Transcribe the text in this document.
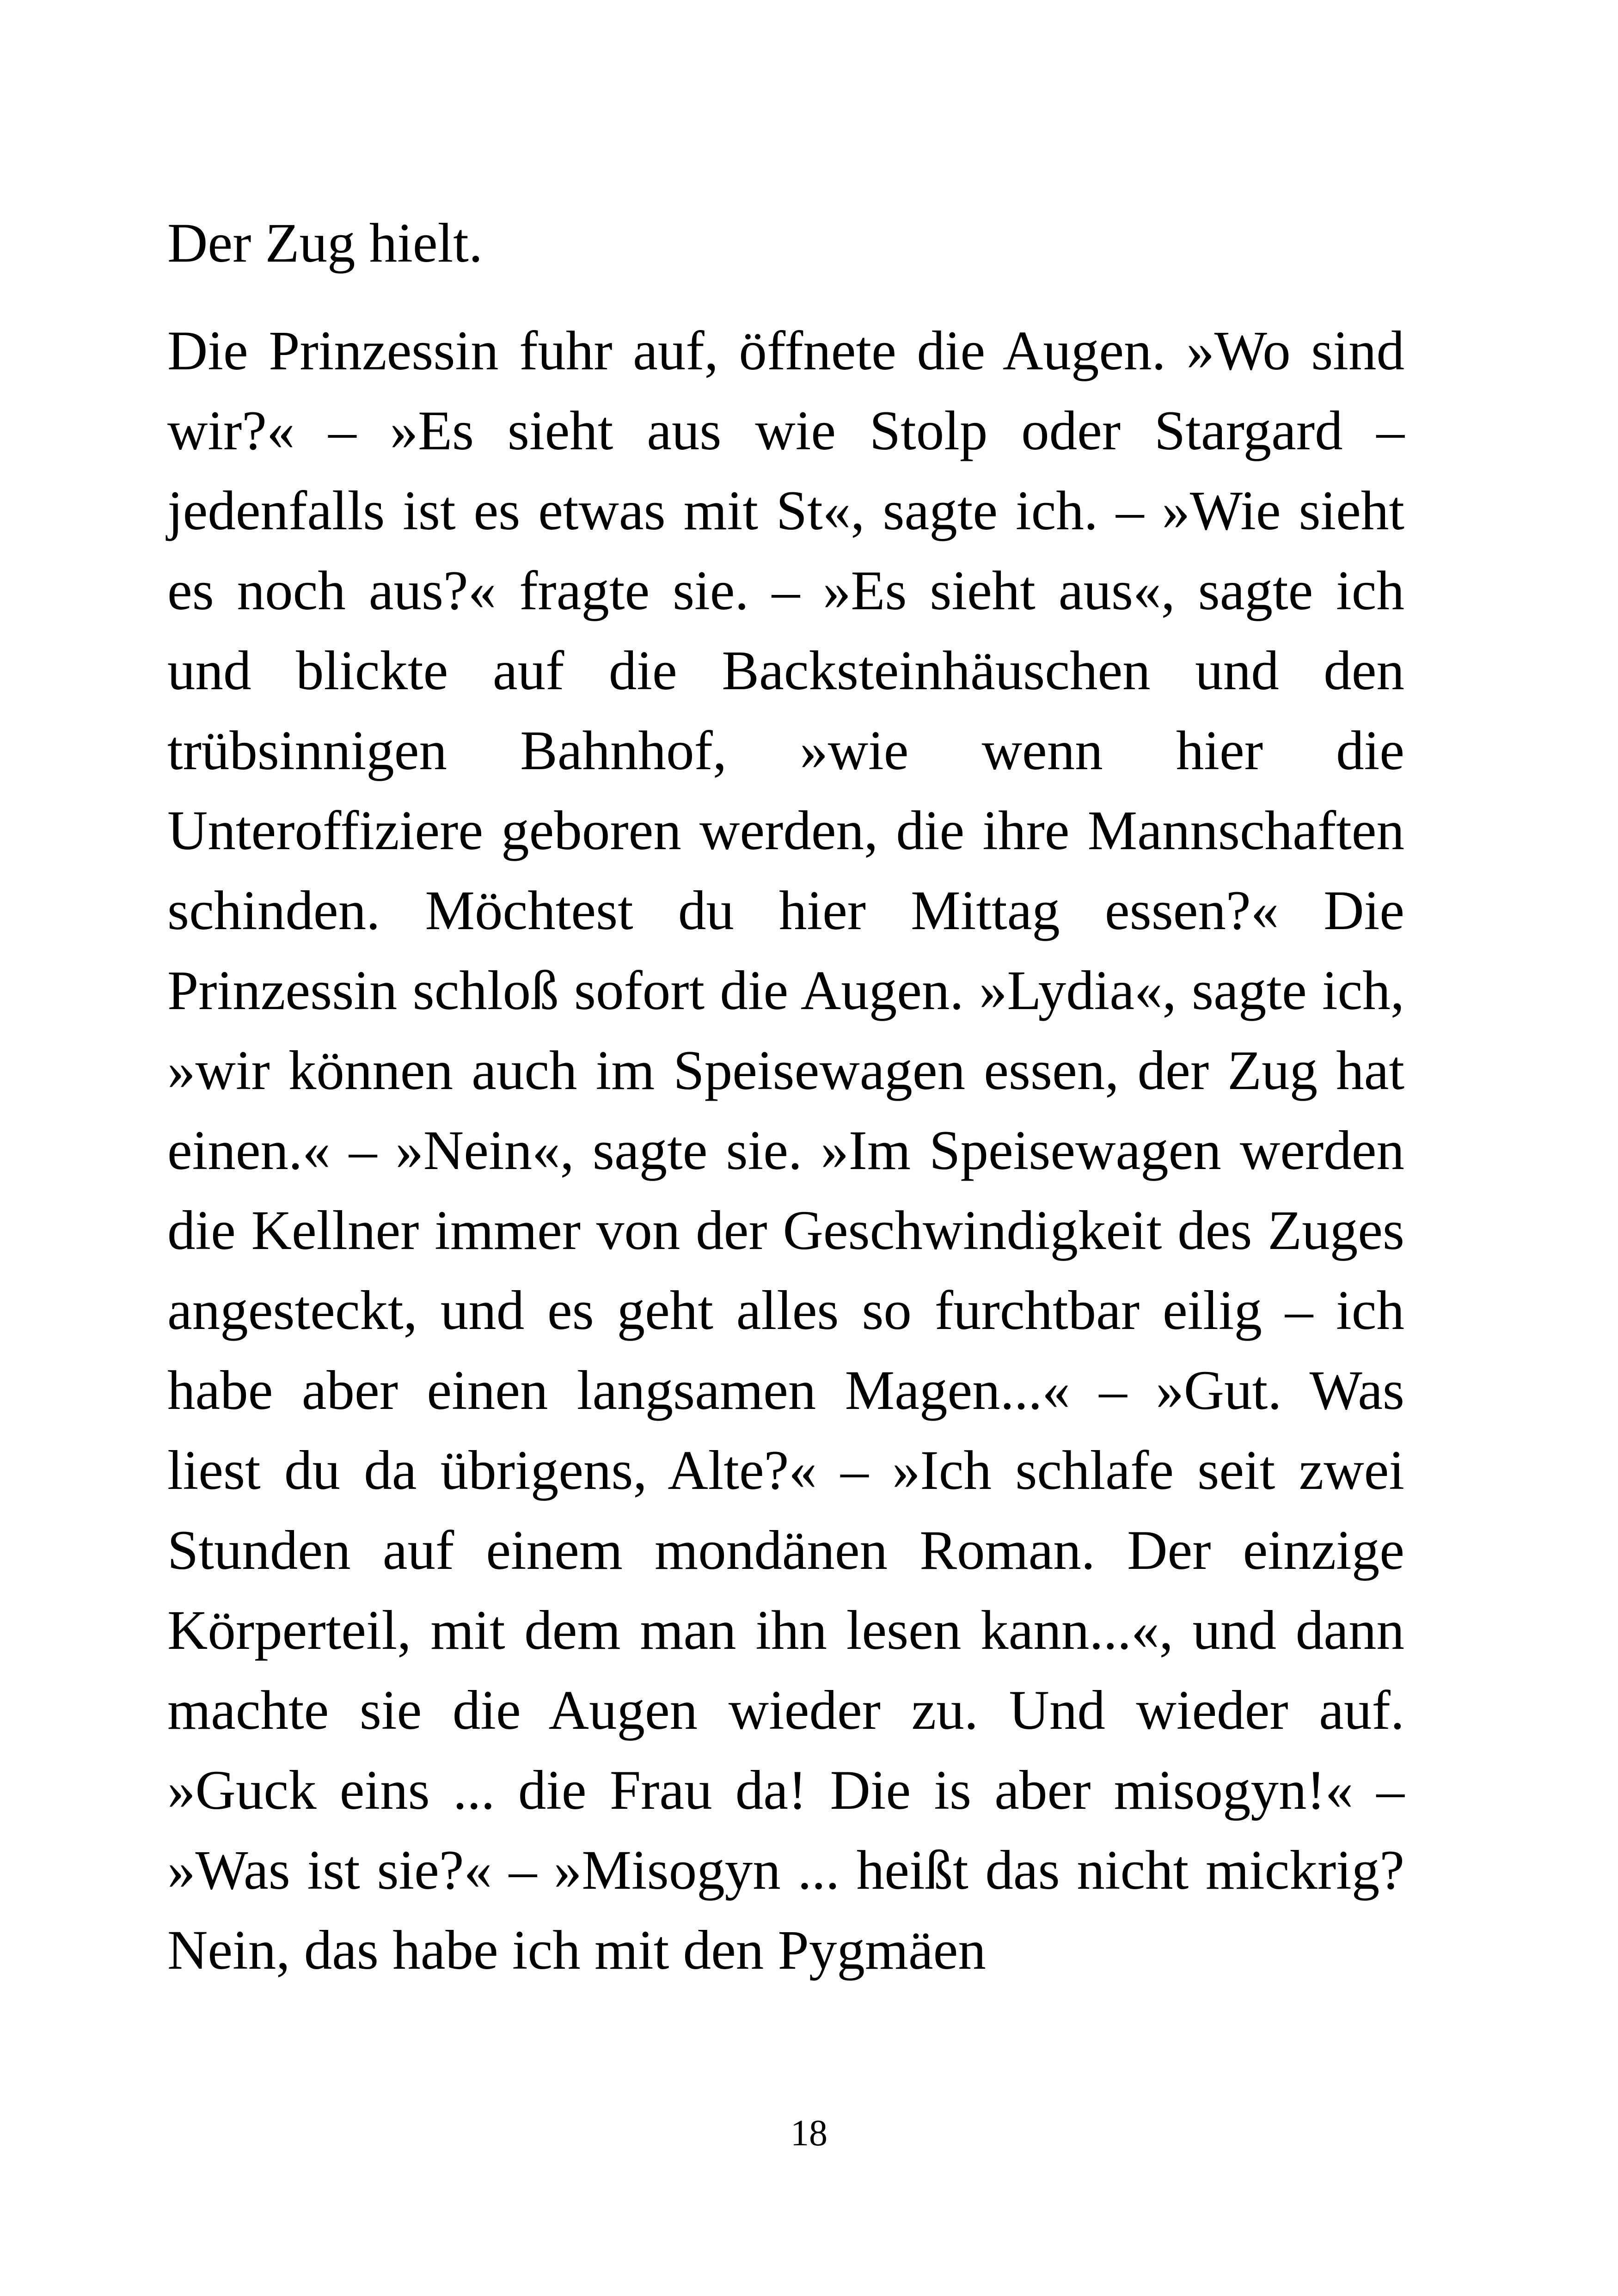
Der Zug hielt.

Die Prinzessin fuhr auf, öffnete die Augen. »Wo sind wir?« – »Es sieht aus wie Stolp oder Stargard – jedenfalls ist es etwas mit St«, sagte ich. – »Wie sieht es noch aus?« fragte sie. – »Es sieht aus«, sagte ich und blickte auf die Backsteinhäuschen und den trübsinnigen Bahnhof, »wie wenn hier die Unteroffiziere geboren werden, die ihre Mannschaften schinden. Möchtest du hier Mittag essen?« Die Prinzessin schloß sofort die Augen. »Lydia«, sagte ich, »wir können auch im Speisewagen essen, der Zug hat einen.« – »Nein«, sagte sie. »Im Speisewagen werden die Kellner immer von der Geschwindigkeit des Zuges angesteckt, und es geht alles so furchtbar eilig – ich habe aber einen langsamen Magen...« – »Gut. Was liest du da übrigens, Alte?« – »Ich schlafe seit zwei Stunden auf einem mondänen Roman. Der einzige Körperteil, mit dem man ihn lesen kann...«, und dann machte sie die Augen wieder zu. Und wieder auf. »Guck eins ... die Frau da! Die is aber misogyn!« – »Was ist sie?« – »Misogyn ... heißt das nicht mickrig? Nein, das habe ich mit den Pygmäen

18
